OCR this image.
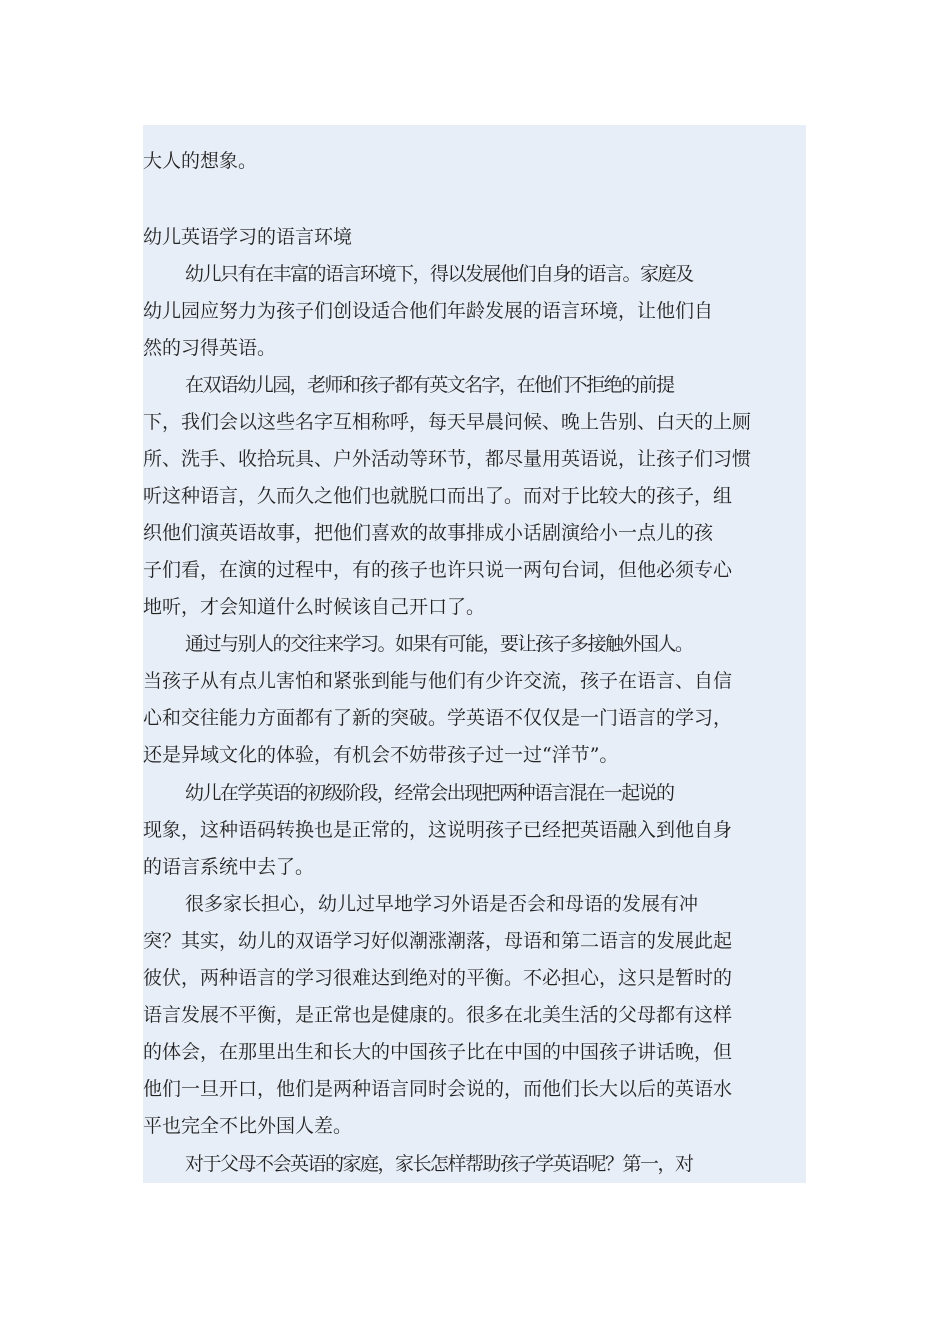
大人的想象。
幼儿英语学习的语言环境
幼儿只有在丰富的语言环境下，得以发展他们自身的语言。家庭及
幼儿园应努力为孩子们创设适合他们年龄发展的语言环境，让他们自
然的习得英语。
在双语幼儿园，老师和孩子都有英文名字，在他们不拒绝的前提
下，我们会以这些名字互相称呼，每天早晨问候、晚上告别、白天的上厕
所、洗手、收拾玩具、户外活动等环节，都尽量用英语说，让孩子们习惯
听这种语言，久而久之他们也就脱口而出了。而对于比较大的孩子，组
织他们演英语故事，把他们喜欢的故事排成小话剧演给小一点儿的孩
子们看，在演的过程中，有的孩子也许只说一两句台词，但他必须专心
地听，才会知道什么时候该自己开口了。
通过与别人的交往来学习。如果有可能，要让孩子多接触外国人。
当孩子从有点儿害怕和紧张到能与他们有少许交流，孩子在语言、自信
心和交往能力方面都有了新的突破。学英语不仅仅是一门语言的学习，
还是异域文化的体验，有机会不妨带孩子过一过“洋节”。
幼儿在学英语的初级阶段，经常会出现把两种语言混在一起说的
现象，这种语码转换也是正常的，这说明孩子已经把英语融入到他自身
的语言系统中去了。
很多家长担心，幼儿过早地学习外语是否会和母语的发展有冲
突？其实，幼儿的双语学习好似潮涨潮落，母语和第二语言的发展此起
彼伏，两种语言的学习很难达到绝对的平衡。不必担心，这只是暂时的
语言发展不平衡，是正常也是健康的。很多在北美生活的父母都有这样
的体会，在那里出生和长大的中国孩子比在中国的中国孩子讲话晚，但
他们一旦开口，他们是两种语言同时会说的，而他们长大以后的英语水
平也完全不比外国人差。
对于父母不会英语的家庭，家长怎样帮助孩子学英语呢？第一，对
